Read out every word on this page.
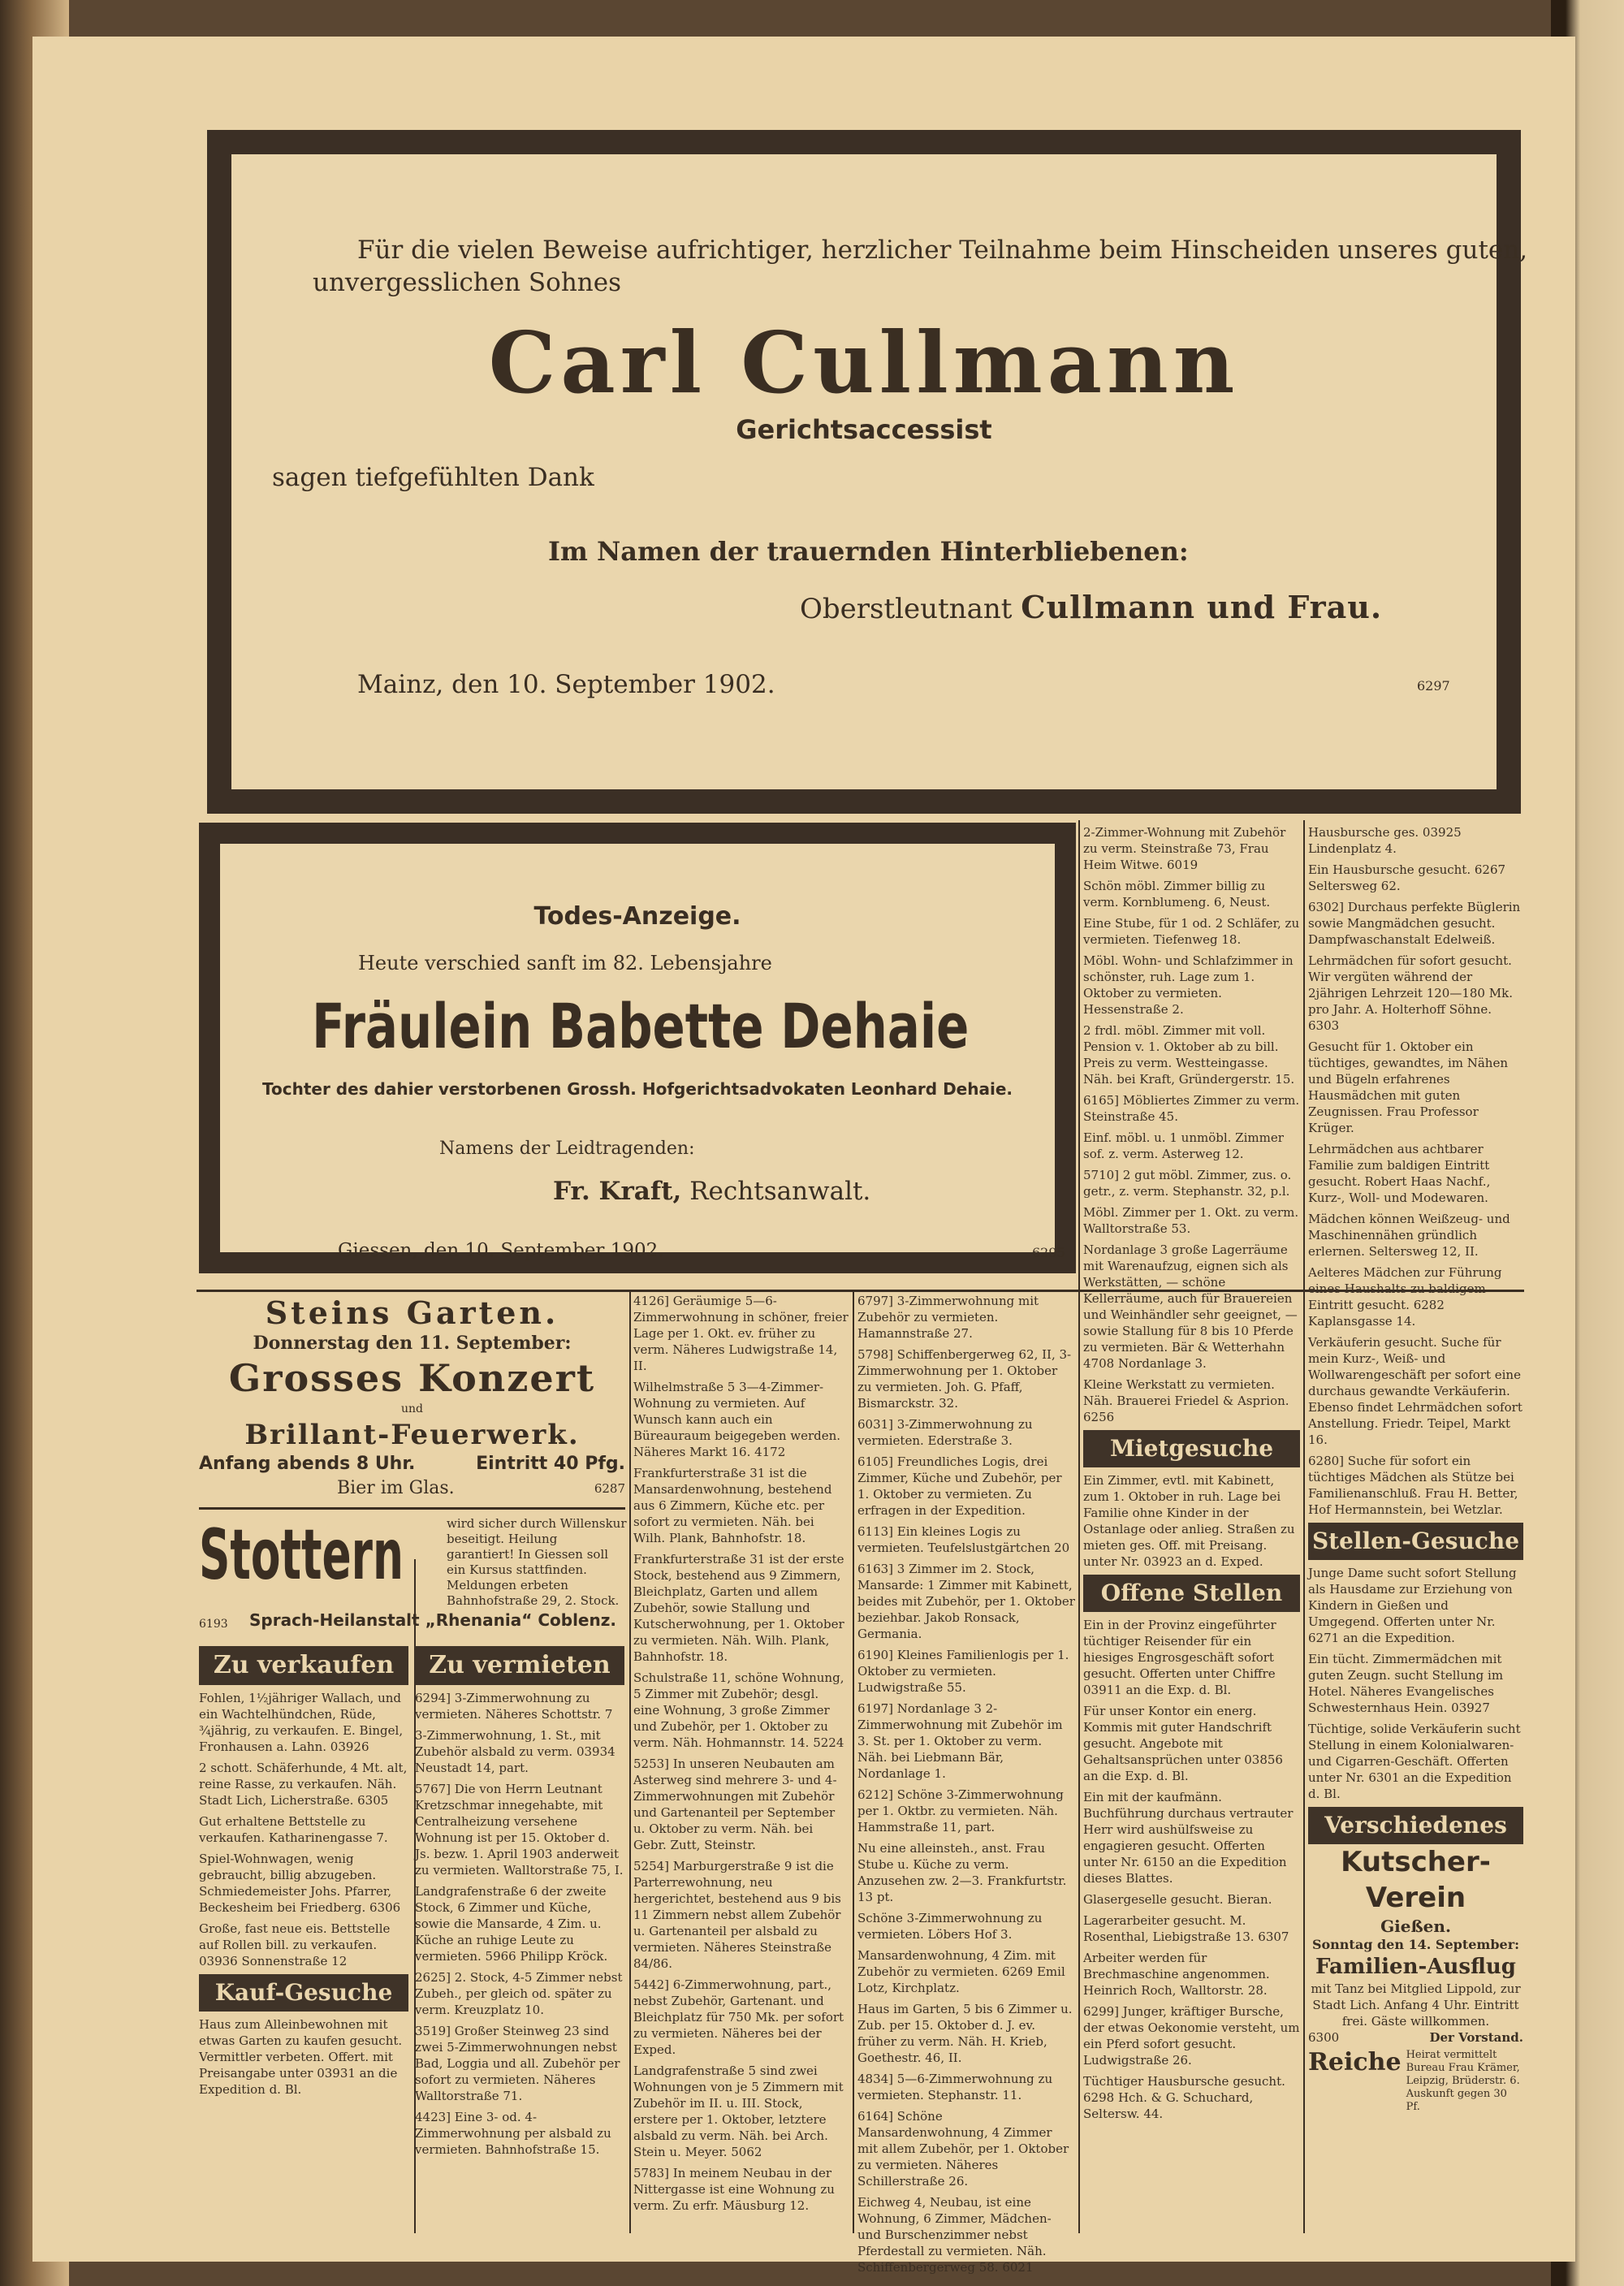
Für die vielen Beweise aufrichtiger, herzlicher Teilnahme beim Hinscheiden unseres guten,
unvergesslichen Sohnes
Carl Cullmann
Gerichtsaccessist
sagen tiefgefühlten Dank
Im Namen der trauernden Hinterbliebenen:
Oberstleutnant Cullmann und Frau.
Mainz, den 10. September 1902.	6297
Todes-Anzeige.
Heute verschied sanft im 82. Lebensjahre
Fräulein Babette Dehaie
Tochter des dahier verstorbenen Grossh. Hofgerichtsadvokaten Leonhard Dehaie.
Namens der Leidtragenden:
Fr. Kraft, Rechtsanwalt.
Giessen, den 10. September 1902.	6295
Steins Garten.
Donnerstag den 11. September:
Grosses Konzert
und
Brillant-Feuerwerk.
Anfang abends 8 Uhr.	Eintritt 40 Pfg.
Bier im Glas.	6287
Stottern	wird sicher durch Willenskur beseitigt. Heilung garantiert! In Giessen soll ein Kursus stattfinden. Meldungen erbeten Bahnhofstraße 29, 2. Stock.
6193 Sprach-Heilanstalt „Rhenania“ Coblenz.
Zu verkaufen
Fohlen, 1½jähriger Wallach, und ein Wachtelhündchen, Rüde, ¾jährig, zu verkaufen. E. Bingel, Fronhausen a. Lahn. 03926
2 schott. Schäferhunde, 4 Mt. alt, reine Rasse, zu verkaufen. Näh. Stadt Lich, Licherstraße. 6305
Gut erhaltene Bettstelle zu verkaufen. Katharinengasse 7.
Spiel-Wohnwagen, wenig gebraucht, billig abzugeben. Schmiedemeister Johs. Pfarrer, Beckesheim bei Friedberg. 6306
Große, fast neue eis. Bettstelle auf Rollen bill. zu verkaufen. 03936 Sonnenstraße 12
Kauf-Gesuche
Haus zum Alleinbewohnen mit etwas Garten zu kaufen gesucht. Vermittler verbeten. Offert. mit Preisangabe unter 03931 an die Expedition d. Bl.
Zu vermieten
6294] 3-Zimmerwohnung zu vermieten. Näheres Schottstr. 7
3-Zimmerwohnung, 1. St., mit Zubehör alsbald zu verm. 03934 Neustadt 14, part.
5767] Die von Herrn Leutnant Kretzschmar innegehabte, mit Centralheizung versehene Wohnung ist per 15. Oktober d. Js. bezw. 1. April 1903 anderweit zu vermieten. Walltorstraße 75, I.
Landgrafenstraße 6 der zweite Stock, 6 Zimmer und Küche, sowie die Mansarde, 4 Zim. u. Küche an ruhige Leute zu vermieten. 5966 Philipp Kröck.
2625] 2. Stock, 4-5 Zimmer nebst Zubeh., per gleich od. später zu verm. Kreuzplatz 10.
3519] Großer Steinweg 23 sind zwei 5-Zimmerwohnungen nebst Bad, Loggia und all. Zubehör per sofort zu vermieten. Näheres Walltorstraße 71.
4423] Eine 3- od. 4-Zimmerwohnung per alsbald zu vermieten. Bahnhofstraße 15.
4126] Geräumige 5—6-Zimmerwohnung in schöner, freier Lage per 1. Okt. ev. früher zu verm. Näheres Ludwigstraße 14, II.
Wilhelmstraße 5 3—4-Zimmer-Wohnung zu vermieten. Auf Wunsch kann auch ein Büreauraum beigegeben werden. Näheres Markt 16. 4172
Frankfurterstraße 31 ist die Mansardenwohnung, bestehend aus 6 Zimmern, Küche etc. per sofort zu vermieten. Näh. bei Wilh. Plank, Bahnhofstr. 18.
Frankfurterstraße 31 ist der erste Stock, bestehend aus 9 Zimmern, Bleichplatz, Garten und allem Zubehör, sowie Stallung und Kutscherwohnung, per 1. Oktober zu vermieten. Näh. Wilh. Plank, Bahnhofstr. 18.
Schulstraße 11, schöne Wohnung, 5 Zimmer mit Zubehör; desgl. eine Wohnung, 3 große Zimmer und Zubehör, per 1. Oktober zu verm. Näh. Hohmannstr. 14. 5224
5253] In unseren Neubauten am Asterweg sind mehrere 3- und 4-Zimmerwohnungen mit Zubehör und Gartenanteil per September u. Oktober zu verm. Näh. bei Gebr. Zutt, Steinstr.
5254] Marburgerstraße 9 ist die Parterrewohnung, neu hergerichtet, bestehend aus 9 bis 11 Zimmern nebst allem Zubehör u. Gartenanteil per alsbald zu vermieten. Näheres Steinstraße 84/86.
5442] 6-Zimmerwohnung, part., nebst Zubehör, Gartenant. und Bleichplatz für 750 Mk. per sofort zu vermieten. Näheres bei der Exped.
Landgrafenstraße 5 sind zwei Wohnungen von je 5 Zimmern mit Zubehör im II. u. III. Stock, erstere per 1. Oktober, letztere alsbald zu verm. Näh. bei Arch. Stein u. Meyer. 5062
5783] In meinem Neubau in der Nittergasse ist eine Wohnung zu verm. Zu erfr. Mäusburg 12.
6797] 3-Zimmerwohnung mit Zubehör zu vermieten. Hamannstraße 27.
5798] Schiffenbergerweg 62, II, 3-Zimmerwohnung per 1. Oktober zu vermieten. Joh. G. Pfaff, Bismarckstr. 32.
6031] 3-Zimmerwohnung zu vermieten. Ederstraße 3.
6105] Freundliches Logis, drei Zimmer, Küche und Zubehör, per 1. Oktober zu vermieten. Zu erfragen in der Expedition.
6113] Ein kleines Logis zu vermieten. Teufelslustgärtchen 20
6163] 3 Zimmer im 2. Stock, Mansarde: 1 Zimmer mit Kabinett, beides mit Zubehör, per 1. Oktober beziehbar. Jakob Ronsack, Germania.
6190] Kleines Familienlogis per 1. Oktober zu vermieten. Ludwigstraße 55.
6197] Nordanlage 3 2-Zimmerwohnung mit Zubehör im 3. St. per 1. Oktober zu verm. Näh. bei Liebmann Bär, Nordanlage 1.
6212] Schöne 3-Zimmerwohnung per 1. Oktbr. zu vermieten. Näh. Hammstraße 11, part.
Nu eine alleinsteh., anst. Frau Stube u. Küche zu verm. Anzusehen zw. 2—3. Frankfurtstr. 13 pt.
Schöne 3-Zimmerwohnung zu vermieten. Löbers Hof 3.
Mansardenwohnung, 4 Zim. mit Zubehör zu vermieten. 6269 Emil Lotz, Kirchplatz.
Haus im Garten, 5 bis 6 Zimmer u. Zub. per 15. Oktober d. J. ev. früher zu verm. Näh. H. Krieb, Goethestr. 46, II.
4834] 5—6-Zimmerwohnung zu vermieten. Stephanstr. 11.
6164] Schöne Mansardenwohnung, 4 Zimmer mit allem Zubehör, per 1. Oktober zu vermieten. Näheres Schillerstraße 26.
Eichweg 4, Neubau, ist eine Wohnung, 6 Zimmer, Mädchen- und Burschenzimmer nebst Pferdestall zu vermieten. Näh. Schiffenbergerweg 58. 6021
2-Zimmer-Wohnung mit Zubehör zu verm. Steinstraße 73, Frau Heim Witwe. 6019
Schön möbl. Zimmer billig zu verm. Kornblumeng. 6, Neust.
Eine Stube, für 1 od. 2 Schläfer, zu vermieten. Tiefenweg 18.
Möbl. Wohn- und Schlafzimmer in schönster, ruh. Lage zum 1. Oktober zu vermieten. Hessenstraße 2.
2 frdl. möbl. Zimmer mit voll. Pension v. 1. Oktober ab zu bill. Preis zu verm. Westteingasse. Näh. bei Kraft, Gründergerstr. 15.
6165] Möbliertes Zimmer zu verm. Steinstraße 45.
Einf. möbl. u. 1 unmöbl. Zimmer sof. z. verm. Asterweg 12.
5710] 2 gut möbl. Zimmer, zus. o. getr., z. verm. Stephanstr. 32, p.l.
Möbl. Zimmer per 1. Okt. zu verm. Walltorstraße 53.
Nordanlage 3 große Lagerräume mit Warenaufzug, eignen sich als Werkstätten, — schöne Kellerräume, auch für Brauereien und Weinhändler sehr geeignet, — sowie Stallung für 8 bis 10 Pferde zu vermieten. Bär & Wetterhahn 4708 Nordanlage 3.
Kleine Werkstatt zu vermieten. Näh. Brauerei Friedel & Asprion. 6256
Mietgesuche
Ein Zimmer, evtl. mit Kabinett, zum 1. Oktober in ruh. Lage bei Familie ohne Kinder in der Ostanlage oder anlieg. Straßen zu mieten ges. Off. mit Preisang. unter Nr. 03923 an d. Exped.
Offene Stellen
Ein in der Provinz eingeführter tüchtiger Reisender für ein hiesiges Engrosgeschäft sofort gesucht. Offerten unter Chiffre 03911 an die Exp. d. Bl.
Für unser Kontor ein energ. Kommis mit guter Handschrift gesucht. Angebote mit Gehaltsansprüchen unter 03856 an die Exp. d. Bl.
Ein mit der kaufmänn. Buchführung durchaus vertrauter Herr wird aushülfsweise zu engagieren gesucht. Offerten unter Nr. 6150 an die Expedition dieses Blattes.
Glasergeselle gesucht. Bieran.
Lagerarbeiter gesucht. M. Rosenthal, Liebigstraße 13. 6307
Arbeiter werden für Brechmaschine angenommen. Heinrich Roch, Walltorstr. 28.
6299] Junger, kräftiger Bursche, der etwas Oekonomie versteht, um ein Pferd sofort gesucht. Ludwigstraße 26.
Tüchtiger Hausbursche gesucht. 6298 Hch. & G. Schuchard, Seltersw. 44.
Hausbursche ges. 03925 Lindenplatz 4.
Ein Hausbursche gesucht. 6267 Seltersweg 62.
6302] Durchaus perfekte Büglerin sowie Mangmädchen gesucht. Dampfwaschanstalt Edelweiß.
Lehrmädchen für sofort gesucht. Wir vergüten während der 2jährigen Lehrzeit 120—180 Mk. pro Jahr. A. Holterhoff Söhne. 6303
Gesucht für 1. Oktober ein tüchtiges, gewandtes, im Nähen und Bügeln erfahrenes Hausmädchen mit guten Zeugnissen. Frau Professor Krüger.
Lehrmädchen aus achtbarer Familie zum baldigen Eintritt gesucht. Robert Haas Nachf., Kurz-, Woll- und Modewaren.
Mädchen können Weißzeug- und Maschinennähen gründlich erlernen. Seltersweg 12, II.
Aelteres Mädchen zur Führung eines Haushalts zu baldigem Eintritt gesucht. 6282 Kaplansgasse 14.
Verkäuferin gesucht. Suche für mein Kurz-, Weiß- und Wollwarengeschäft per sofort eine durchaus gewandte Verkäuferin. Ebenso findet Lehrmädchen sofort Anstellung. Friedr. Teipel, Markt 16.
6280] Suche für sofort ein tüchtiges Mädchen als Stütze bei Familienanschluß. Frau H. Better, Hof Hermannstein, bei Wetzlar.
Stellen-Gesuche
Junge Dame sucht sofort Stellung als Hausdame zur Erziehung von Kindern in Gießen und Umgegend. Offerten unter Nr. 6271 an die Expedition.
Ein tücht. Zimmermädchen mit guten Zeugn. sucht Stellung im Hotel. Näheres Evangelisches Schwesternhaus Hein. 03927
Tüchtige, solide Verkäuferin sucht Stellung in einem Kolonialwaren- und Cigarren-Geschäft. Offerten unter Nr. 6301 an die Expedition d. Bl.
Verschiedenes
Kutscher-Verein
Gießen.
Sonntag den 14. September:
Familien-Ausflug
mit Tanz bei Mitglied Lippold, zur Stadt Lich. Anfang 4 Uhr. Eintritt frei. Gäste willkommen.
6300	Der Vorstand.
Reiche Heirat vermittelt Bureau Frau Krämer, Leipzig, Brüderstr. 6. Auskunft gegen 30 Pf.
